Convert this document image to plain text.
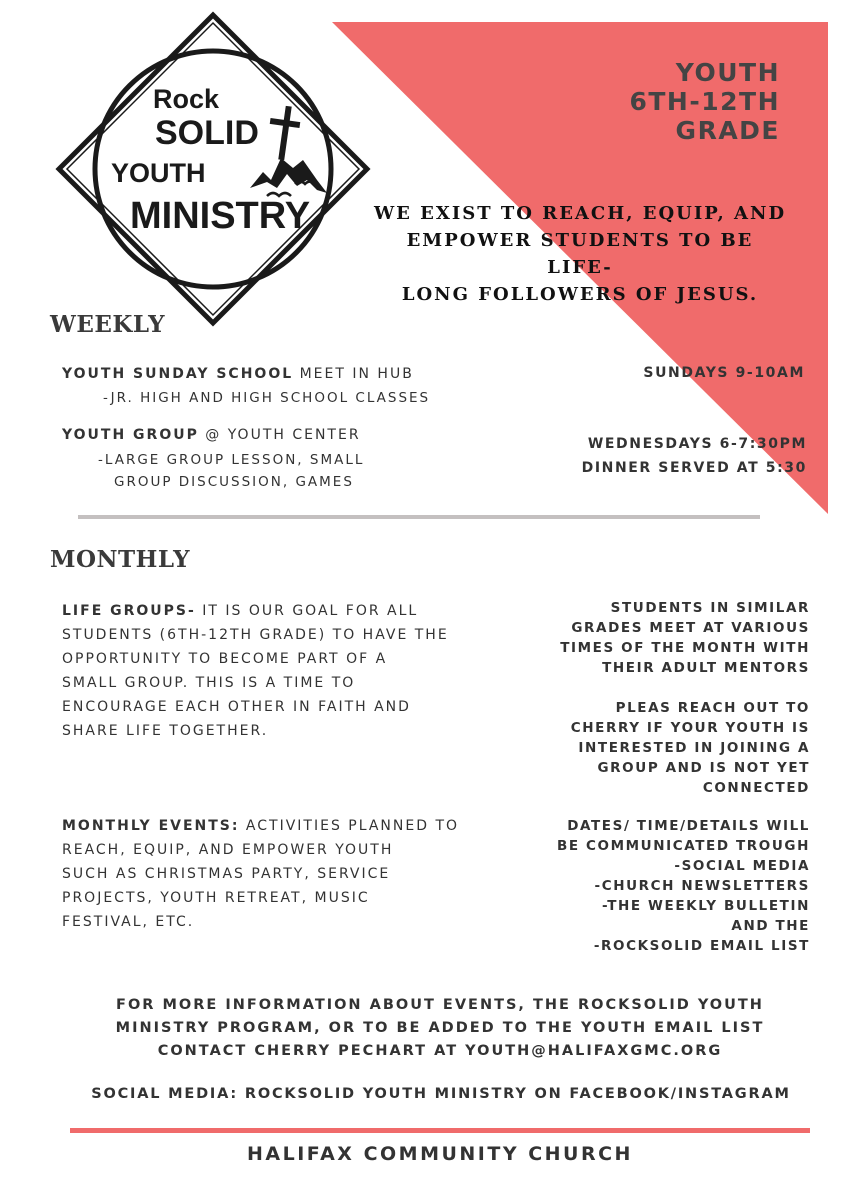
Rock
SOLID
YOUTH
MINISTRY
YOUTH
6TH-12TH
GRADE
WE EXIST TO REACH, EQUIP, AND
EMPOWER STUDENTS TO BE LIFE-
LONG FOLLOWERS OF JESUS.
WEEKLY
YOUTH SUNDAY SCHOOL MEET IN HUB
-JR. HIGH AND HIGH SCHOOL CLASSES
SUNDAYS 9-10AM
YOUTH GROUP @ YOUTH CENTER
-LARGE GROUP LESSON, SMALL
GROUP DISCUSSION, GAMES
WEDNESDAYS 6-7:30PM
DINNER SERVED AT 5:30
MONTHLY
LIFE GROUPS- IT IS OUR GOAL FOR ALL
STUDENTS (6TH-12TH GRADE) TO HAVE THE
OPPORTUNITY TO BECOME PART OF A
SMALL GROUP. THIS IS A TIME TO
ENCOURAGE EACH OTHER IN FAITH AND
SHARE LIFE TOGETHER.
STUDENTS IN SIMILAR
GRADES MEET AT VARIOUS
TIMES OF THE MONTH WITH
THEIR ADULT MENTORS
PLEAS REACH OUT TO
CHERRY IF YOUR YOUTH IS
INTERESTED IN JOINING A
GROUP AND IS NOT YET
CONNECTED
MONTHLY EVENTS: ACTIVITIES PLANNED TO
REACH, EQUIP, AND EMPOWER YOUTH
SUCH AS CHRISTMAS PARTY, SERVICE
PROJECTS, YOUTH RETREAT, MUSIC
FESTIVAL, ETC.
DATES/ TIME/DETAILS WILL
BE COMMUNICATED TROUGH
-SOCIAL MEDIA
-CHURCH NEWSLETTERS
-THE WEEKLY BULLETIN
AND THE
-ROCKSOLID EMAIL LIST
FOR MORE INFORMATION ABOUT EVENTS, THE ROCKSOLID YOUTH
MINISTRY PROGRAM, OR TO BE ADDED TO THE YOUTH EMAIL LIST
CONTACT CHERRY PECHART AT YOUTH@HALIFAXGMC.ORG
SOCIAL MEDIA: ROCKSOLID YOUTH MINISTRY ON FACEBOOK/INSTAGRAM
HALIFAX COMMUNITY CHURCH
